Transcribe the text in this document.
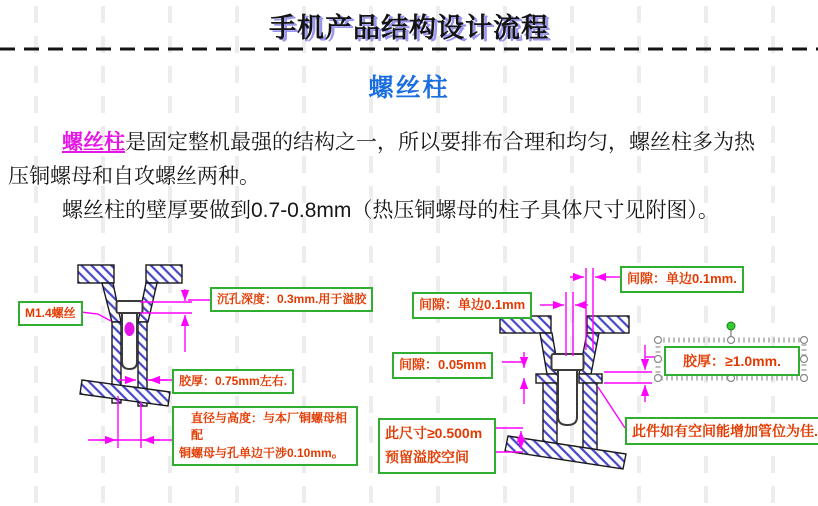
手机产品结构设计流程
螺丝柱
螺丝柱是固定整机最强的结构之一，所以要排布合理和均匀，螺丝柱多为热
压铜螺母和自攻螺丝两种。
螺丝柱的壁厚要做到0.7-0.8mm（热压铜螺母的柱子具体尺寸见附图）。
M1.4螺丝
沉孔深度：0.3mm.用于溢胶
胶厚：0.75mm左右.
直径与高度：与本厂铜螺母相配
铜螺母与孔单边干涉0.10mm。
间隙：单边0.1mm.
间隙：单边0.1mm
间隙：0.05mm	胶厚：≥1.0mm.
此尺寸≥0.500m
预留溢胶空间
此件如有空间能增加管位为佳.
